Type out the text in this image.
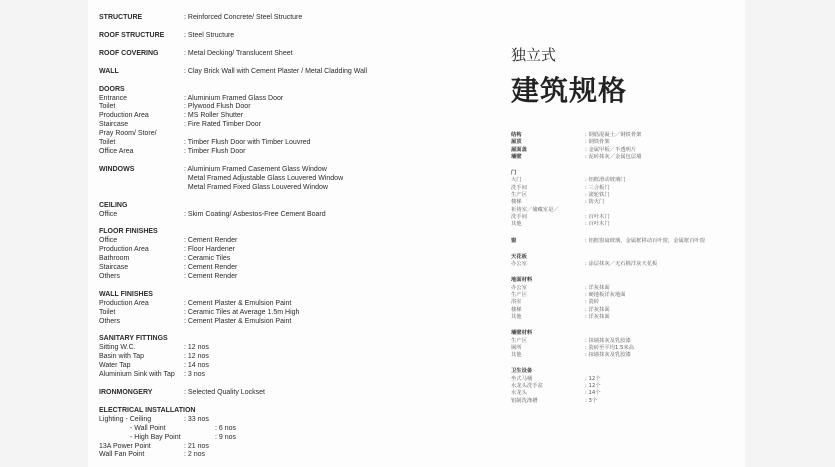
STRUCTURE	: Reinforced Concrete/ Steel Structure
ROOF STRUCTURE	: Steel Structure
ROOF COVERING	: Metal Decking/ Translucent Sheet
WALL	: Clay Brick Wall with Cement Plaster / Metal Cladding Wall
DOORS
Entrance	: Aluminium Framed Glass Door
Toilet	: Plywood Flush Door
Production Area	: MS Roller Shutter
Staircase	: Fire Rated Timber Door
Pray Room/ Store/
Toilet	: Timber Flush Door with Timber Louvred
Office Area	: Timber Flush Door
WINDOWS	: Aluminium Framed Casement Glass Window
Metal Framed Adjustable Glass Louvered Window
Metal Framed Fixed Glass Louvered Window
CEILING
Office	: Skim Coating/ Asbestos-Free Cement Board
FLOOR FINISHES
Office	: Cement Render
Production Area	: Floor Hardener
Bathroom	: Ceramic Tiles
Staircase	: Cement Render
Others	: Cement Render
WALL FINISHES
Production Area	: Cement Plaster & Emulsion Paint
Toilet	: Ceramic Tiles at Average 1.5m High
Others	: Cement Plaster & Emulsion Paint
SANITARY FITTINGS
Sitting W.C.	: 12 nos
Basin with Tap	: 12 nos
Water Tap	: 14 nos
Aluminium Sink with Tap	: 3 nos
IRONMONGERY	: Selected Quality Lockset
ELECTRICAL INSTALLATION
Lighting - Ceiling	: 33 nos
- Wall Point	: 6 nos
- High Bay Point	: 9 nos
13A Power Point	: 21 nos
Wall Fan Point	: 2 nos
独立式
建筑规格
结构	: 钢筋混凝土／钢铁骨架
屋顶	: 钢铁骨架
屋面盖	: 金属甲板／半透明片
墙壁	: 泥砖抹灰／金属包层墙
门
大门	: 铝框滑动玻璃门
洗手间	: 三合板门
生产区	: 滚轮铁门
楼梯	: 防火门
祈祷室／储藏室是／
洗手间	: 百叶木门
其他	: 百叶木门
窗	: 铝框窗扇玻璃，金属框移动百叶窗，金属框百叶窗
天花板
办公室	: 涂层抹灰／无石棉洋灰天花板
地面材料
办公室	: 洋灰抹面
生产区	: 硬地板洋灰地面
浴室	: 瓷砖
楼梯	: 洋灰抹面
其他	: 洋灰抹面
墙壁材料
生产区	: 抹墙抹灰及乳胶漆
厕所	: 瓷砖至平均1.5米高
其他	: 抹墙抹灰及乳胶漆
卫生设备
坐式马桶	: 12个
水龙头洗手盆	: 12个
水龙头	: 14个
铝制洗涤槽	: 3个
